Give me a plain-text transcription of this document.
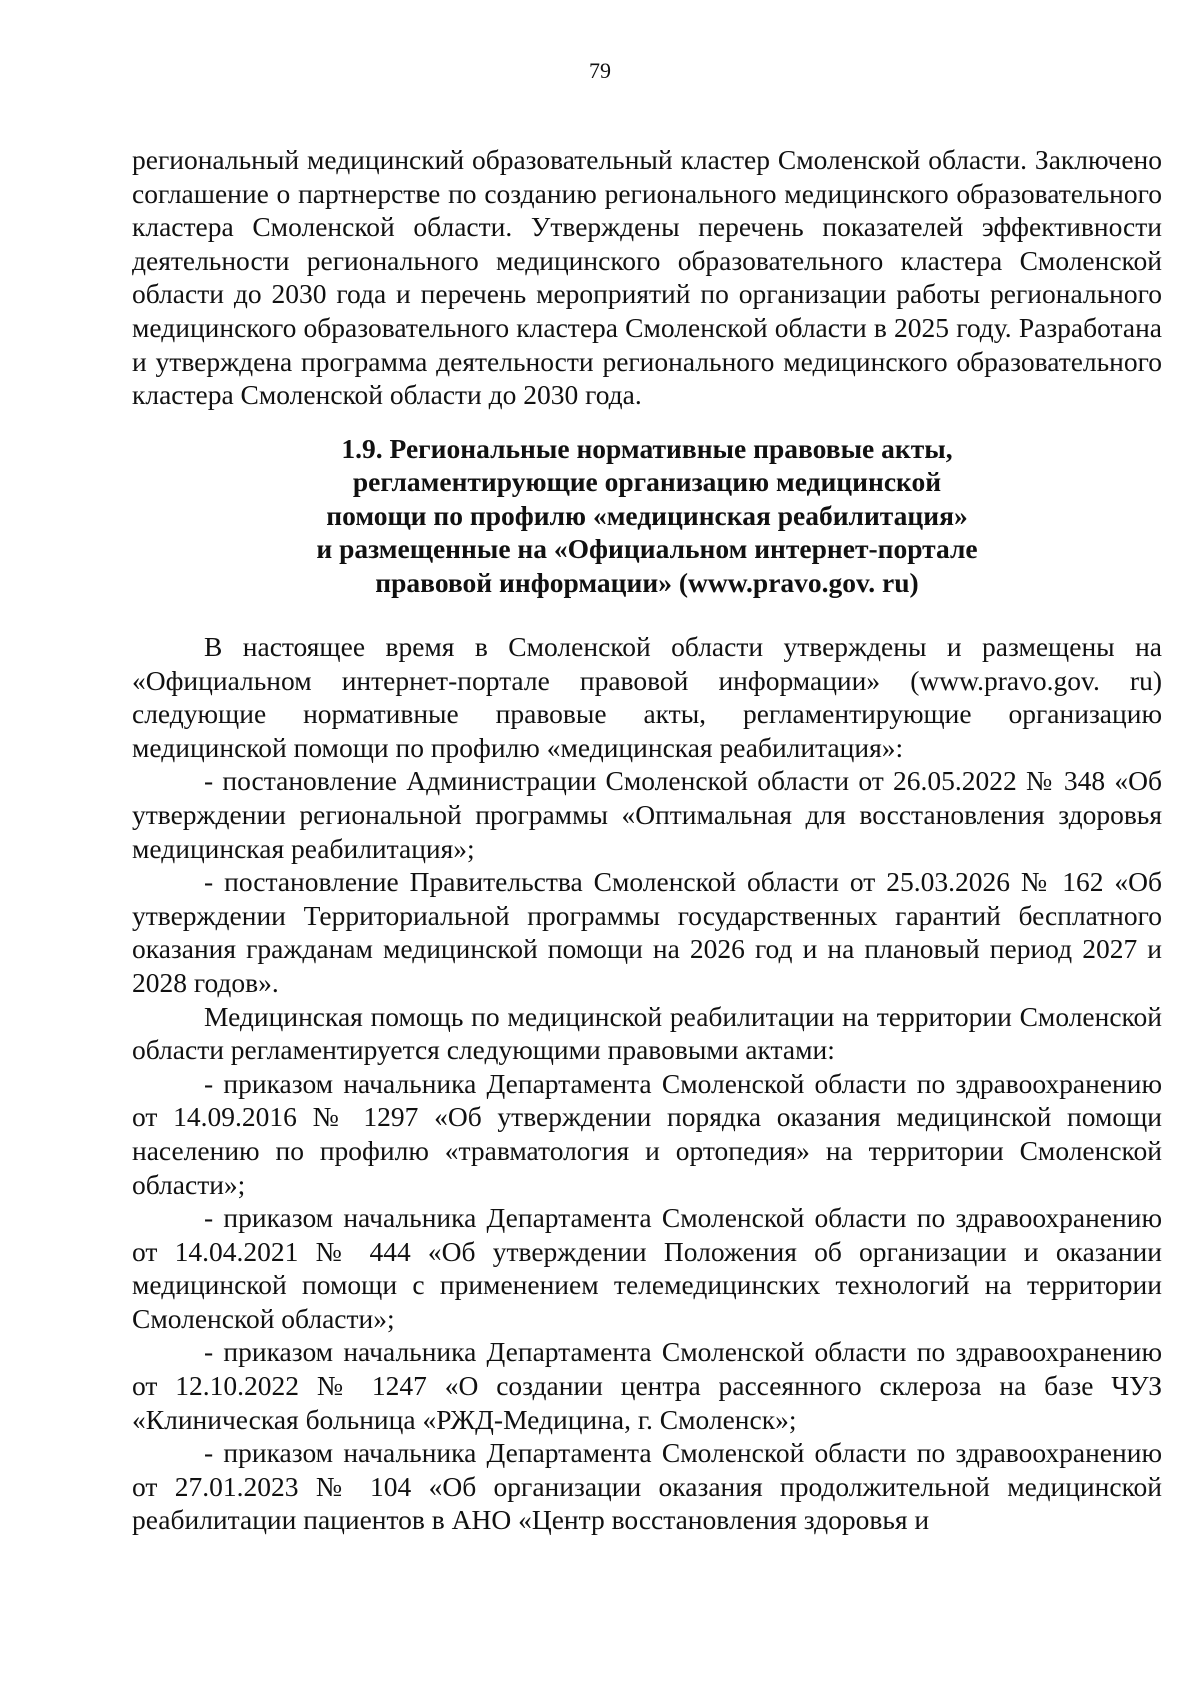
79

региональный медицинский образовательный кластер Смоленской области. Заключено соглашение о партнерстве по созданию регионального медицинского образовательного кластера Смоленской области. Утверждены перечень показателей эффективности деятельности регионального медицинского образовательного кластера Смоленской области до 2030 года и перечень мероприятий по организации работы регионального медицинского образовательного кластера Смоленской области в 2025 году. Разработана и утверждена программа деятельности регионального медицинского образовательного кластера Смоленской области до 2030 года.

1.9. Региональные нормативные правовые акты,
регламентирующие организацию медицинской
помощи по профилю «медицинская реабилитация»
и размещенные на «Официальном интернет-портале
правовой информации» (www.pravo.gov. ru)

В настоящее время в Смоленской области утверждены и размещены на «Официальном интернет-портале правовой информации» (www.pravo.gov. ru) следующие нормативные правовые акты, регламентирующие организацию медицинской помощи по профилю «медицинская реабилитация»:

- постановление Администрации Смоленской области от 26.05.2022 № 348 «Об утверждении региональной программы «Оптимальная для восстановления здоровья медицинская реабилитация»;

- постановление Правительства Смоленской области от 25.03.2026 № 162 «Об утверждении Территориальной программы государственных гарантий бесплатного оказания гражданам медицинской помощи на 2026 год и на плановый период 2027 и 2028 годов».

Медицинская помощь по медицинской реабилитации на территории Смоленской области регламентируется следующими правовыми актами:

- приказом начальника Департамента Смоленской области по здравоохранению от 14.09.2016 № 1297 «Об утверждении порядка оказания медицинской помощи населению по профилю «травматология и ортопедия» на территории Смоленской области»;

- приказом начальника Департамента Смоленской области по здравоохранению от 14.04.2021 № 444 «Об утверждении Положения об организации и оказании медицинской помощи с применением телемедицинских технологий на территории Смоленской области»;

- приказом начальника Департамента Смоленской области по здравоохранению от 12.10.2022 № 1247 «О создании центра рассеянного склероза на базе ЧУЗ «Клиническая больница «РЖД-Медицина, г. Смоленск»;

- приказом начальника Департамента Смоленской области по здравоохранению от 27.01.2023 № 104 «Об организации оказания продолжительной медицинской реабилитации пациентов в АНО «Центр восстановления здоровья и
